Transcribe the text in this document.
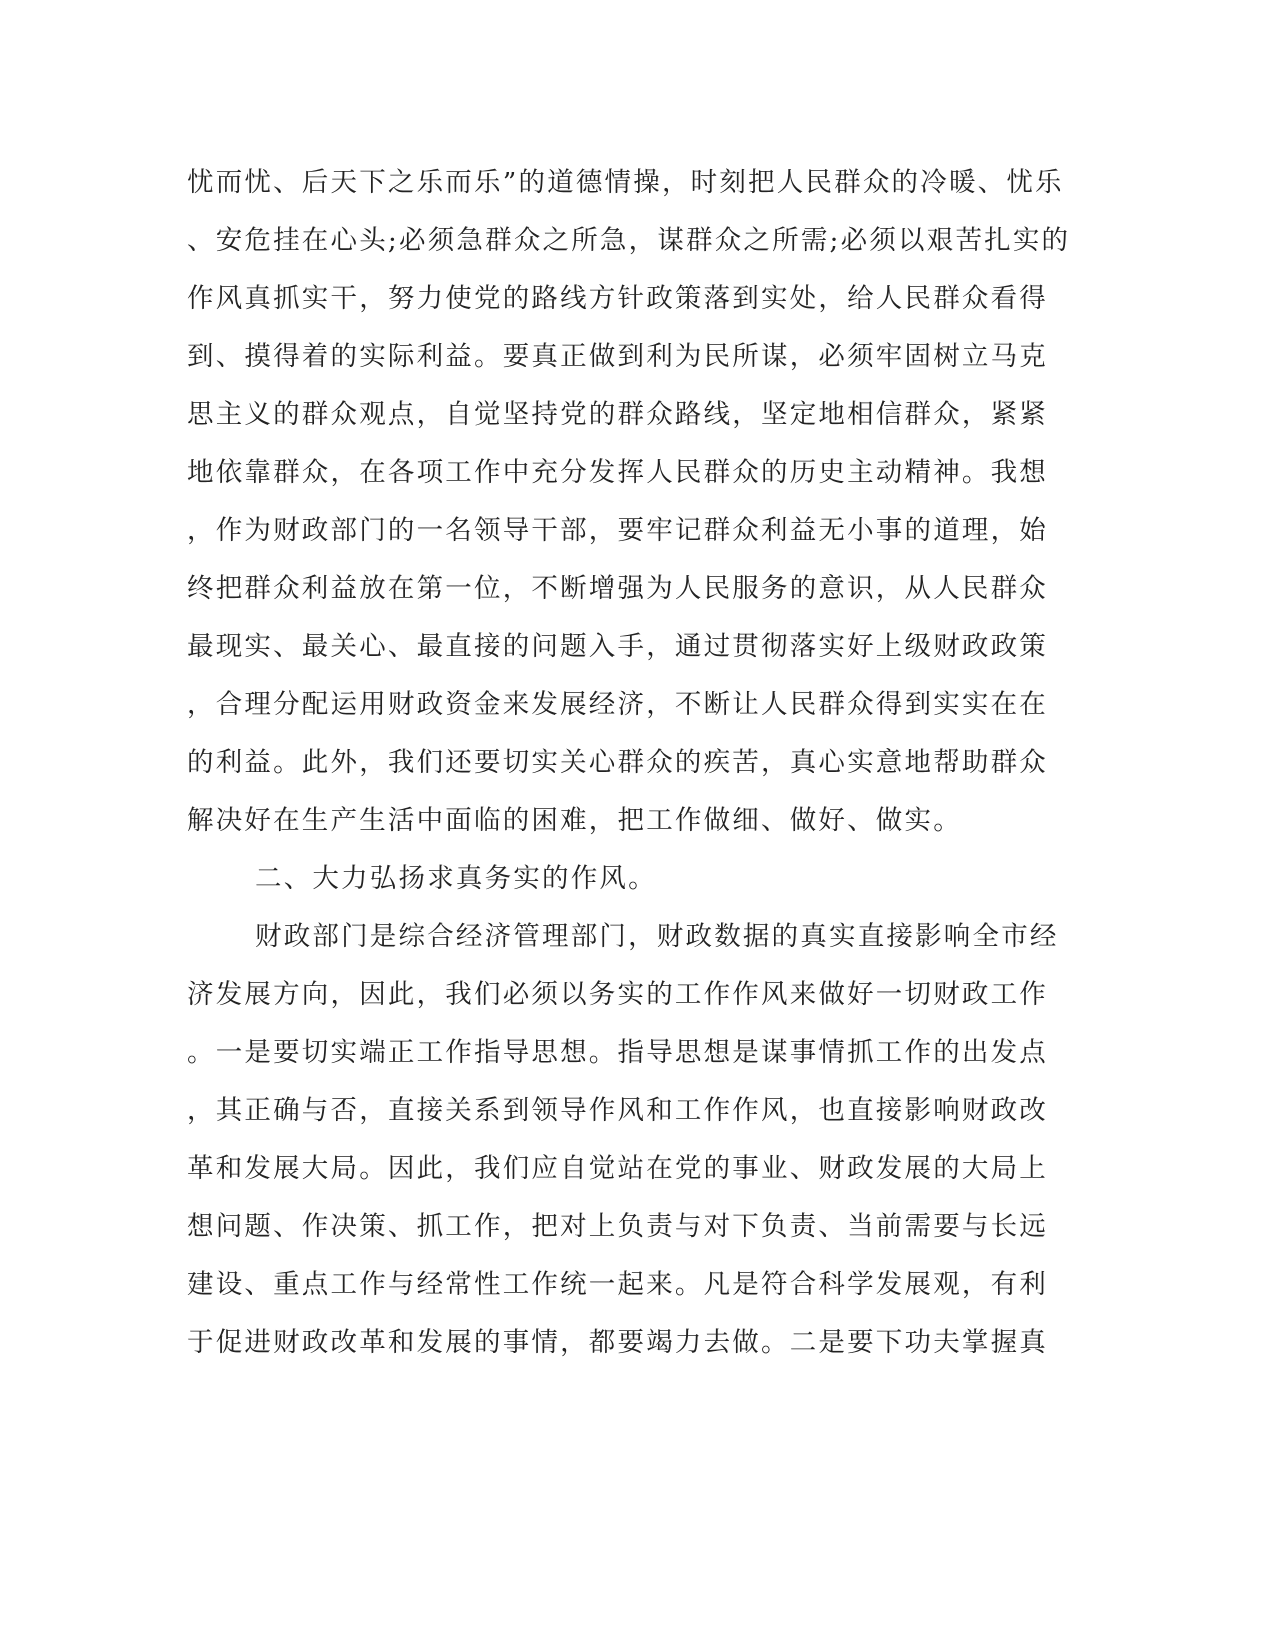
忧而忧、后天下之乐而乐”的道德情操，时刻把人民群众的冷暖、忧乐
、安危挂在心头;必须急群众之所急，谋群众之所需;必须以艰苦扎实的
作风真抓实干，努力使党的路线方针政策落到实处，给人民群众看得
到、摸得着的实际利益。要真正做到利为民所谋，必须牢固树立马克
思主义的群众观点，自觉坚持党的群众路线，坚定地相信群众，紧紧
地依靠群众，在各项工作中充分发挥人民群众的历史主动精神。我想
，作为财政部门的一名领导干部，要牢记群众利益无小事的道理，始
终把群众利益放在第一位，不断增强为人民服务的意识，从人民群众
最现实、最关心、最直接的问题入手，通过贯彻落实好上级财政政策
，合理分配运用财政资金来发展经济，不断让人民群众得到实实在在
的利益。此外，我们还要切实关心群众的疾苦，真心实意地帮助群众
解决好在生产生活中面临的困难，把工作做细、做好、做实。
二、大力弘扬求真务实的作风。
财政部门是综合经济管理部门，财政数据的真实直接影响全市经
济发展方向，因此，我们必须以务实的工作作风来做好一切财政工作
。一是要切实端正工作指导思想。指导思想是谋事情抓工作的出发点
，其正确与否，直接关系到领导作风和工作作风，也直接影响财政改
革和发展大局。因此，我们应自觉站在党的事业、财政发展的大局上
想问题、作决策、抓工作，把对上负责与对下负责、当前需要与长远
建设、重点工作与经常性工作统一起来。凡是符合科学发展观，有利
于促进财政改革和发展的事情，都要竭力去做。二是要下功夫掌握真
